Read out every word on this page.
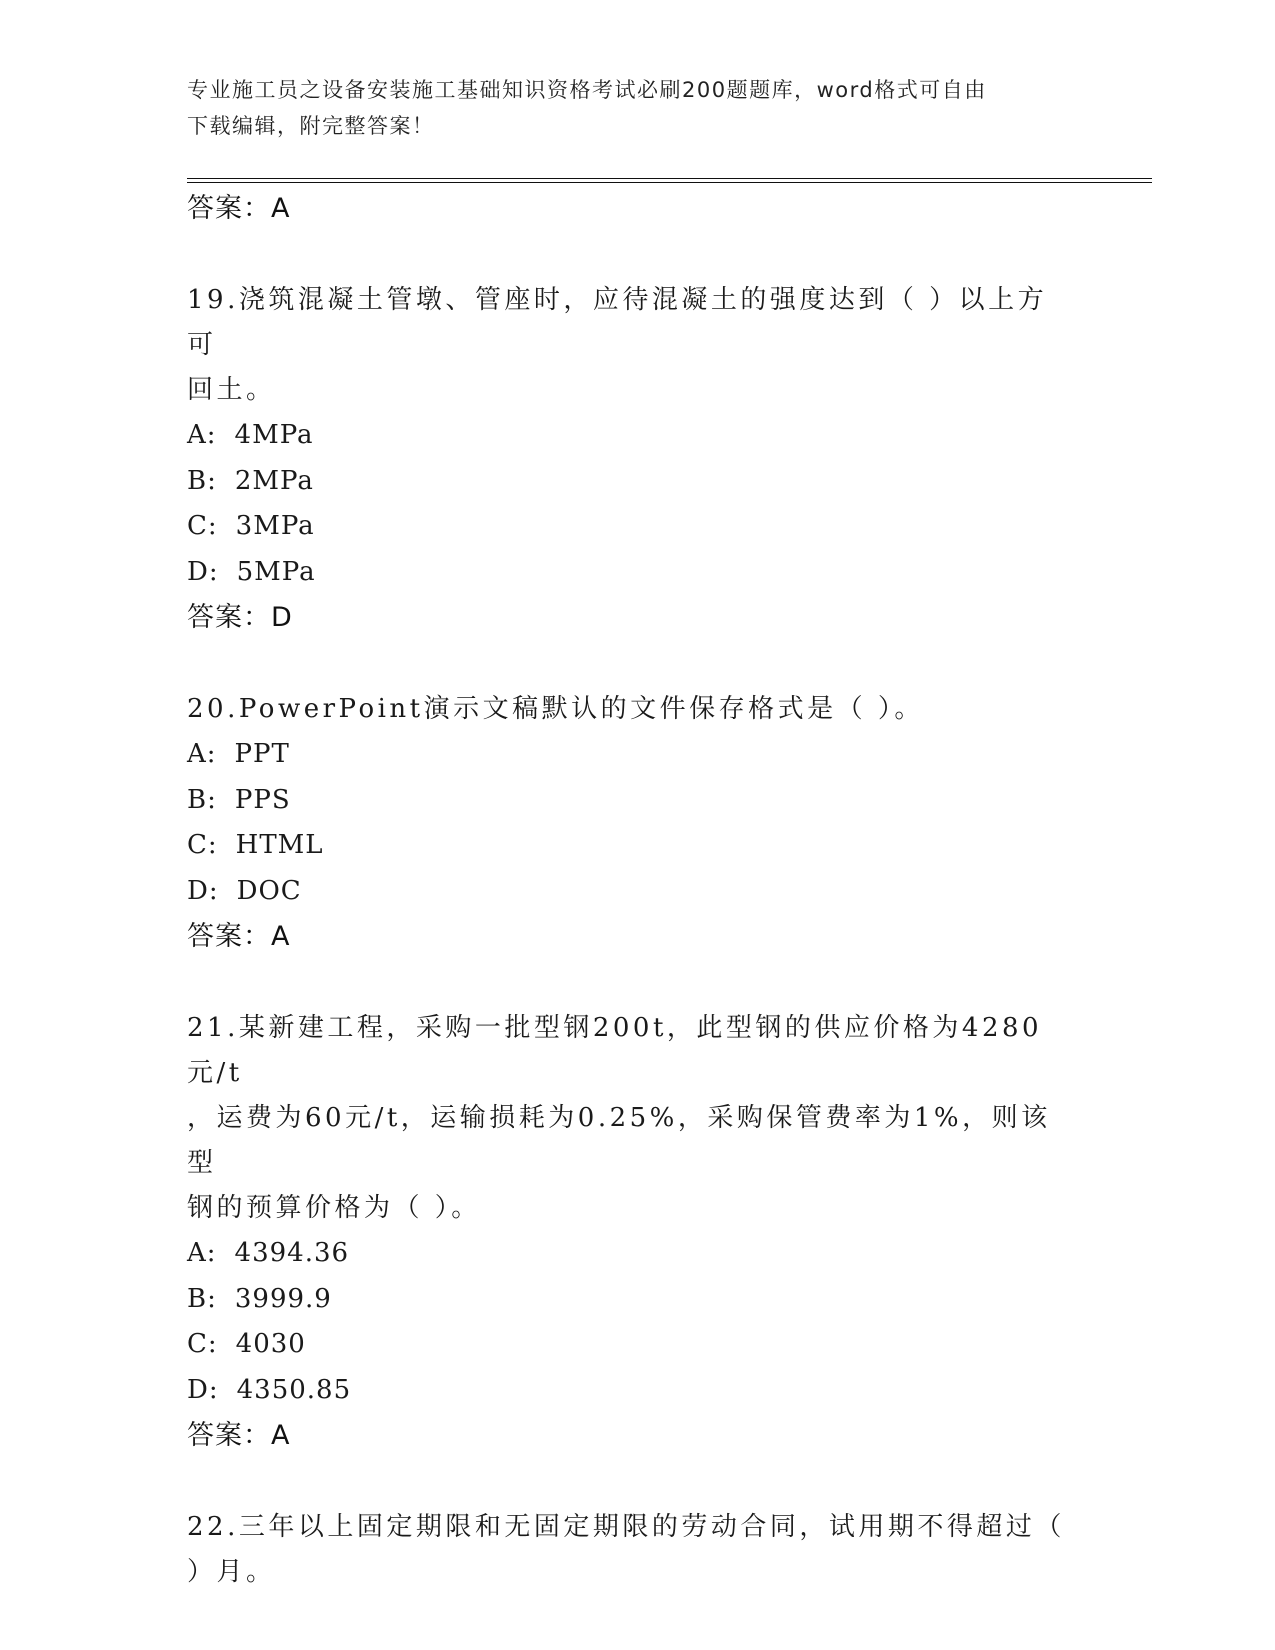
专业施工员之设备安装施工基础知识资格考试必刷200题题库，word格式可自由
下载编辑，附完整答案！

答案：A

19.浇筑混凝土管墩、管座时，应待混凝土的强度达到（ ）以上方可

回土。

A: 4MPa

B: 2MPa

C: 3MPa

D: 5MPa

答案：D

20.PowerPoint演示文稿默认的文件保存格式是（ ）。

A: PPT

B: PPS

C: HTML

D: DOC

答案：A

21.某新建工程，采购一批型钢200t，此型钢的供应价格为4280元/t

，运费为60元/t，运输损耗为0.25%，采购保管费率为1%，则该型

钢的预算价格为（ ）。

A: 4394.36

B: 3999.9

C: 4030

D: 4350.85

答案：A

22.三年以上固定期限和无固定期限的劳动合同，试用期不得超过（

）月。
